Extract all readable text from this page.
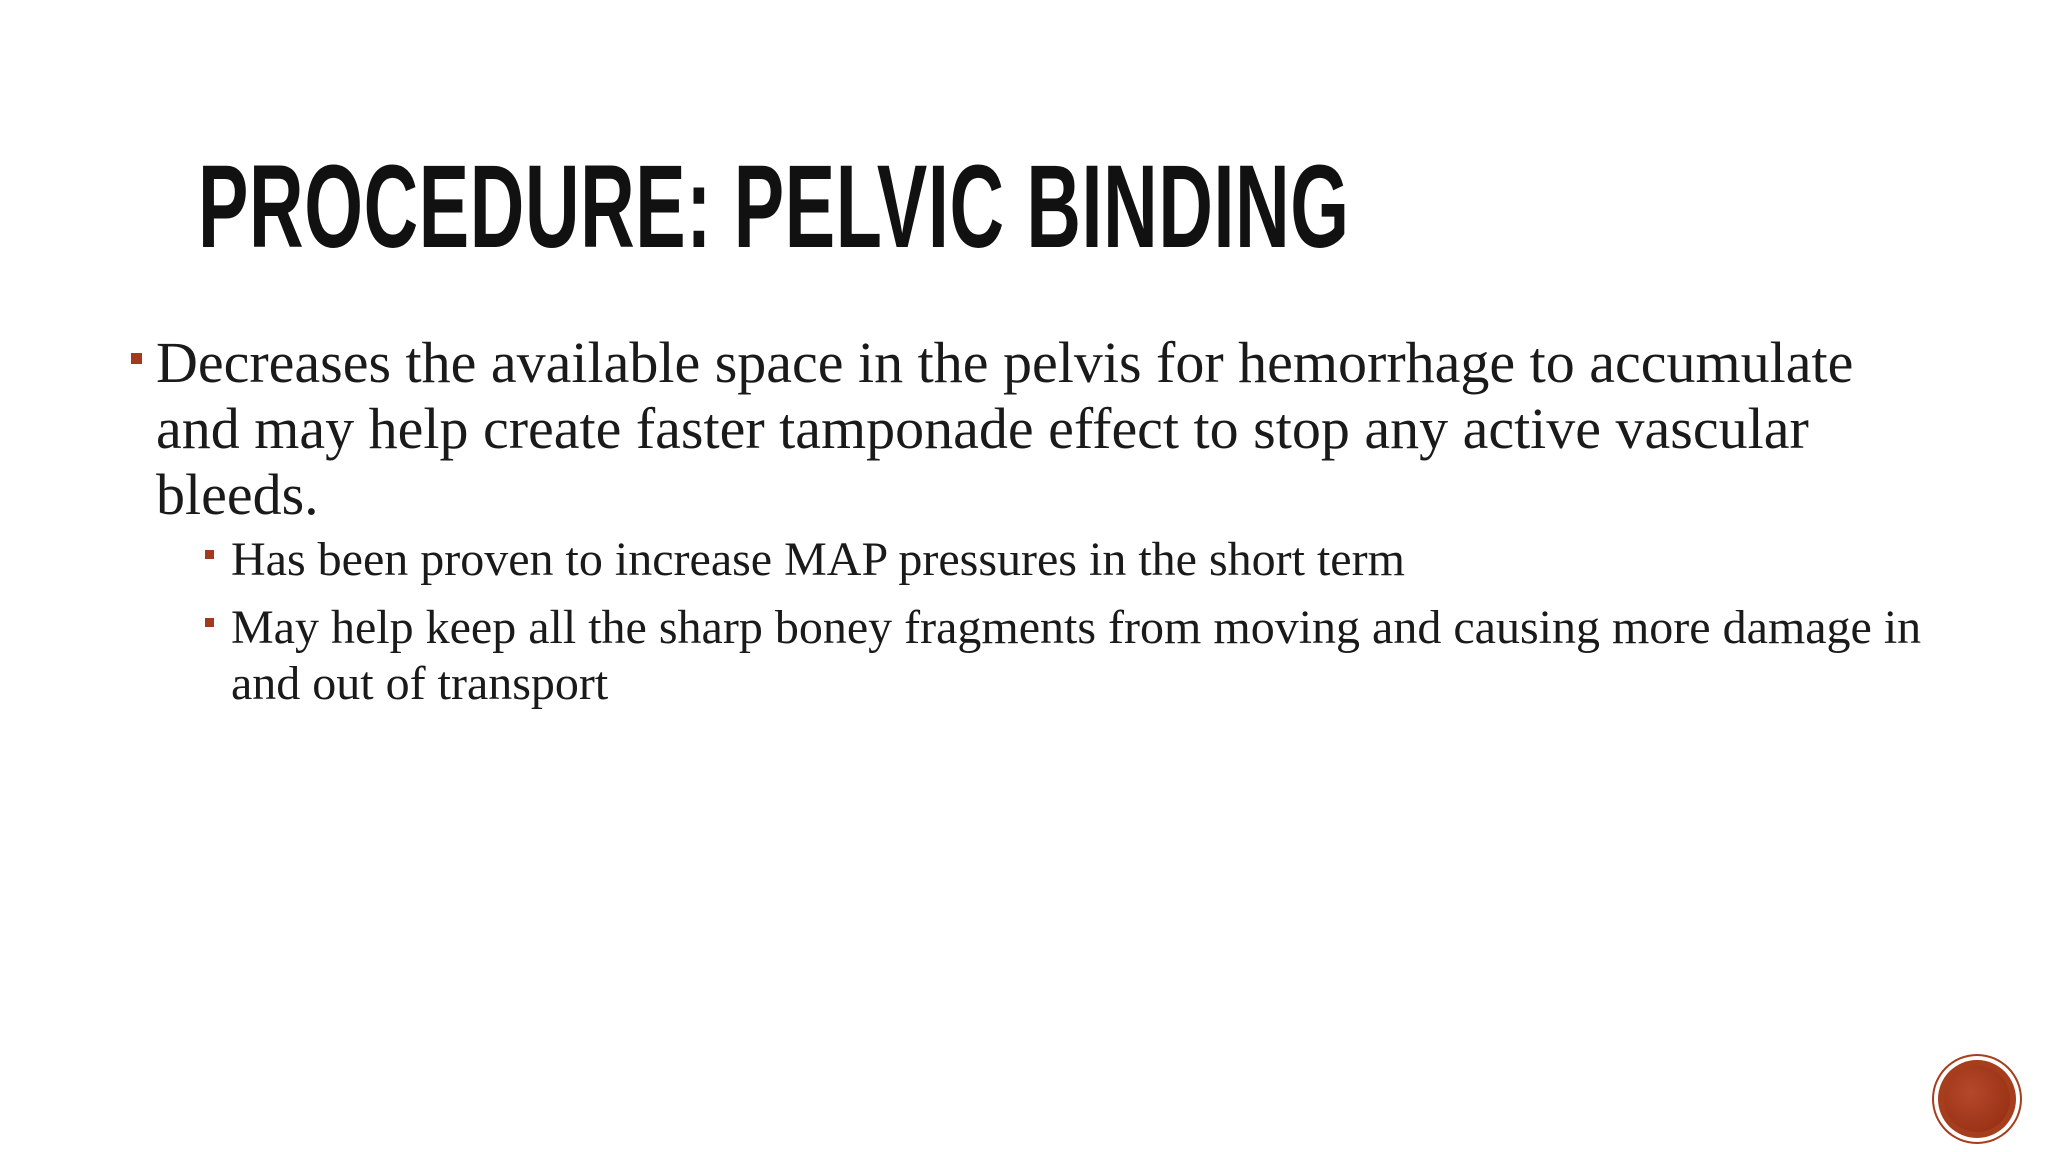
PROCEDURE: PELVIC BINDING
Decreases the available space in the pelvis for hemorrhage to accumulate and may help create faster tamponade effect to stop any active vascular bleeds.
Has been proven to increase MAP pressures in the short term
May help keep all the sharp boney fragments from moving and causing more damage in and out of transport
